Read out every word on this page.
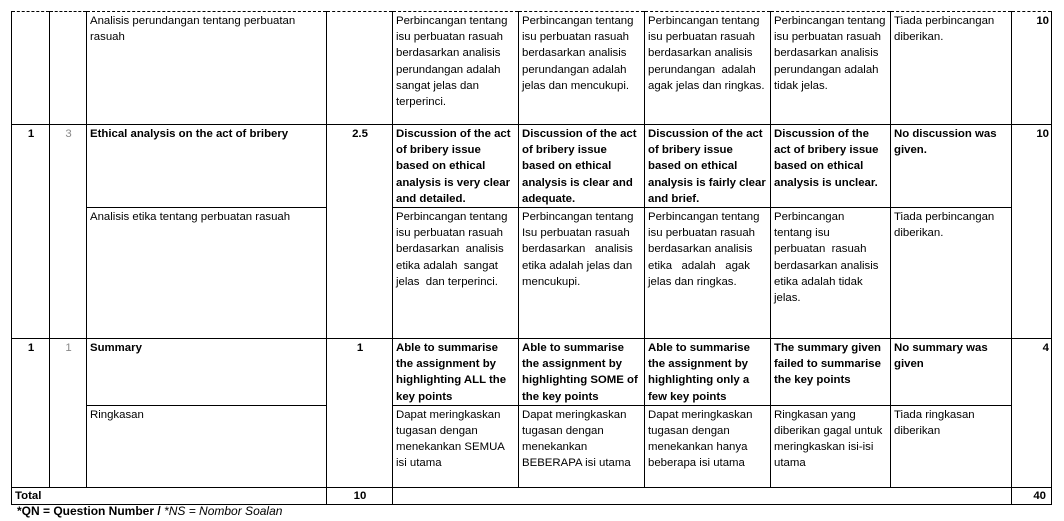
		Analisis perundangan tentang perbuatan rasuah		Perbincangan tentang isu perbuatan rasuah berdasarkan analisis perundangan adalah sangat jelas dan terperinci.	Perbincangan tentang isu perbuatan rasuah berdasarkan analisis perundangan adalah jelas dan mencukupi.	Perbincangan tentang isu perbuatan rasuah berdasarkan analisis perundangan  adalah agak jelas dan ringkas.	Perbincangan tentang isu perbuatan rasuah berdasarkan analisis perundangan adalah tidak jelas.	Tiada perbincangan diberikan.	10
1	3	Ethical analysis on the act of bribery	2.5	Discussion of the act of bribery issue based on ethical analysis is very clear and detailed.	Discussion of the act of bribery issue based on ethical analysis is clear and adequate.	Discussion of the act of bribery issue based on ethical analysis is fairly clear and brief.	Discussion of the act of bribery issue based on ethical analysis is unclear.	No discussion was given.	10
		Analisis etika tentang perbuatan rasuah		Perbincangan tentang  isu perbuatan rasuah berdasarkan  analisis  etika adalah  sangat  jelas  dan terperinci.	Perbincangan tentang Isu perbuatan rasuah berdasarkan   analisis  etika adalah jelas dan mencukupi.	Perbincangan tentang isu perbuatan rasuah berdasarkan analisis etika   adalah   agak  jelas dan ringkas.	Perbincangan  tentang isu          perbuatan  rasuah berdasarkan analisis etika adalah tidak jelas.	Tiada perbincangan diberikan.	
1	1	Summary	1	Able to summarise the assignment by highlighting ALL the key points	Able to summarise the assignment by highlighting SOME of the key points	Able to summarise the assignment by highlighting only a few key points	The summary given failed to summarise the key points	No summary was given	4
		Ringkasan		Dapat meringkaskan tugasan dengan menekankan SEMUA isi utama	Dapat meringkaskan tugasan dengan menekankan BEBERAPA isi utama	Dapat meringkaskan tugasan dengan menekankan hanya beberapa isi utama	Ringkasan yang diberikan gagal untuk meringkaskan isi-isi utama	Tiada ringkasan diberikan	
Total			10						40
*QN = Question Number / *NS = Nombor Soalan
